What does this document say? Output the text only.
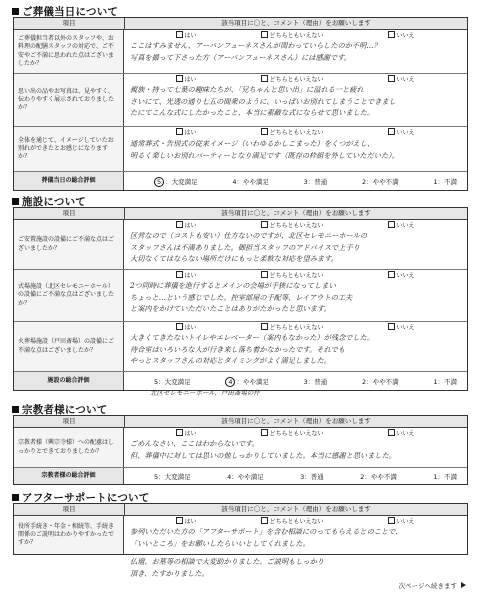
ご葬儀当日について
項目	該当項目に〇と、コメント（理由）をお願いします
ご葬儀担当者以外のスタッフや、お料理の配膳スタッフの対応で、ご不安やご不満に思われた点はございましたか？
はい	どちらともいえない	いいえ
ここはすみません、アーバンフューネスさんが関わっていらしたのか不明…？
写真を撮って下さった方（アーバンフューネスさん）には感謝です。
思い出の品やお写真は、見やすく、伝わりやすく展示されておりましたか？
はい	どちらともいえない	いいえ
親族・持って七葉の趣味たちが、「兄ちゃんと思い出」に溢れる一と疲れ
さいにて、光透の通り七五の間衆のように、いっぱいお別れてしまうことできまし
たにてこんな式にしたかったこと、本当に素敵な式にならせて思いました。
全体を通じて、イメージしていたお別れができたとお感じになりますか？
はい	どちらともいえない	いいえ
通常葬式・告別式の従来イメージ（いわゆるかしこまった）をくつがえし、
明るく楽しいお別れパーティーとなり満足です（既存の枠組を外していただいた）。
葬儀当日 の総合評価	5 ：大変満足	4：やや満足	3：普通	2：やや不満	1：不満
施設について
項目	該当項目に〇と、コメント（理由）をお願いします
ご安置施設の設備にご不満な点はございましたか？
はい	どちらともいえない	いいえ
区営なので（コストも安い）仕方ないのですが、北区セレモニーホールの
スタッフさんは不満ありました。御担当スタッフのアドバイスで上手り
大切なくてはならない場所だけにもっと柔軟な対応を望みます。
式場施設（北区セレモニーホール）の設備にご不満な点はございましたか？
はい	どちらともいえない	いいえ
2つ同時に葬儀を進行するとメインの会場が手狭になってしまい
ちょっと…という感じでした。控室部屋の手配等、レイアウトの工夫
と案内をかけていただいたことはありがたかったと思います。
火葬場施設（戸田斎場）の設備にご不満な点はございましたか？
はい	どちらともいえない	いいえ
大きくてきたないトイレやエレベーター（案内もなかった）が残念でした。
待合室はいろいろな人が行き来し落ち着かなかったです。それでも
やっとスタッフさんの対応とタイミングがよく満足しました。
施設 の総合評価	5：大変満足	4 ：やや満足	3：普通	2：やや不満	1：不満
北区セレモニーホール、戸田斎場の件
宗教者様について
項目	該当項目に〇と、コメント（理由）をお願いします
宗教者様（興宗寺様）への配慮はしっかりとできておりましたか？
はい	どちらともいえない	いいえ
ごめんなさい、ここはわからないです。
但、葬儀中に対しては思いの他しっかりしていました。本当に感謝と思いました。
宗教者様 の総合評価	5：大変満足	4：やや満足	3：普通	2：やや不満	1：不満
アフターサポートについて
項目	該当項目に〇と、コメント（理由）をお願いします
役所手続き・年金・相続等、手続き関係のご説明はわかりやすかったですか？
はい	どちらともいえない	いいえ
参列いただいた方の「アフターサポート」を含む相談にのってもらえるとのことで、
「いいところ」をお願いしたらいいとしてくれました。
仏壇、お墓等の相談で大変助かりました。ご説明もしっかり
頂き、たすかりました。
次ページへ続きます
